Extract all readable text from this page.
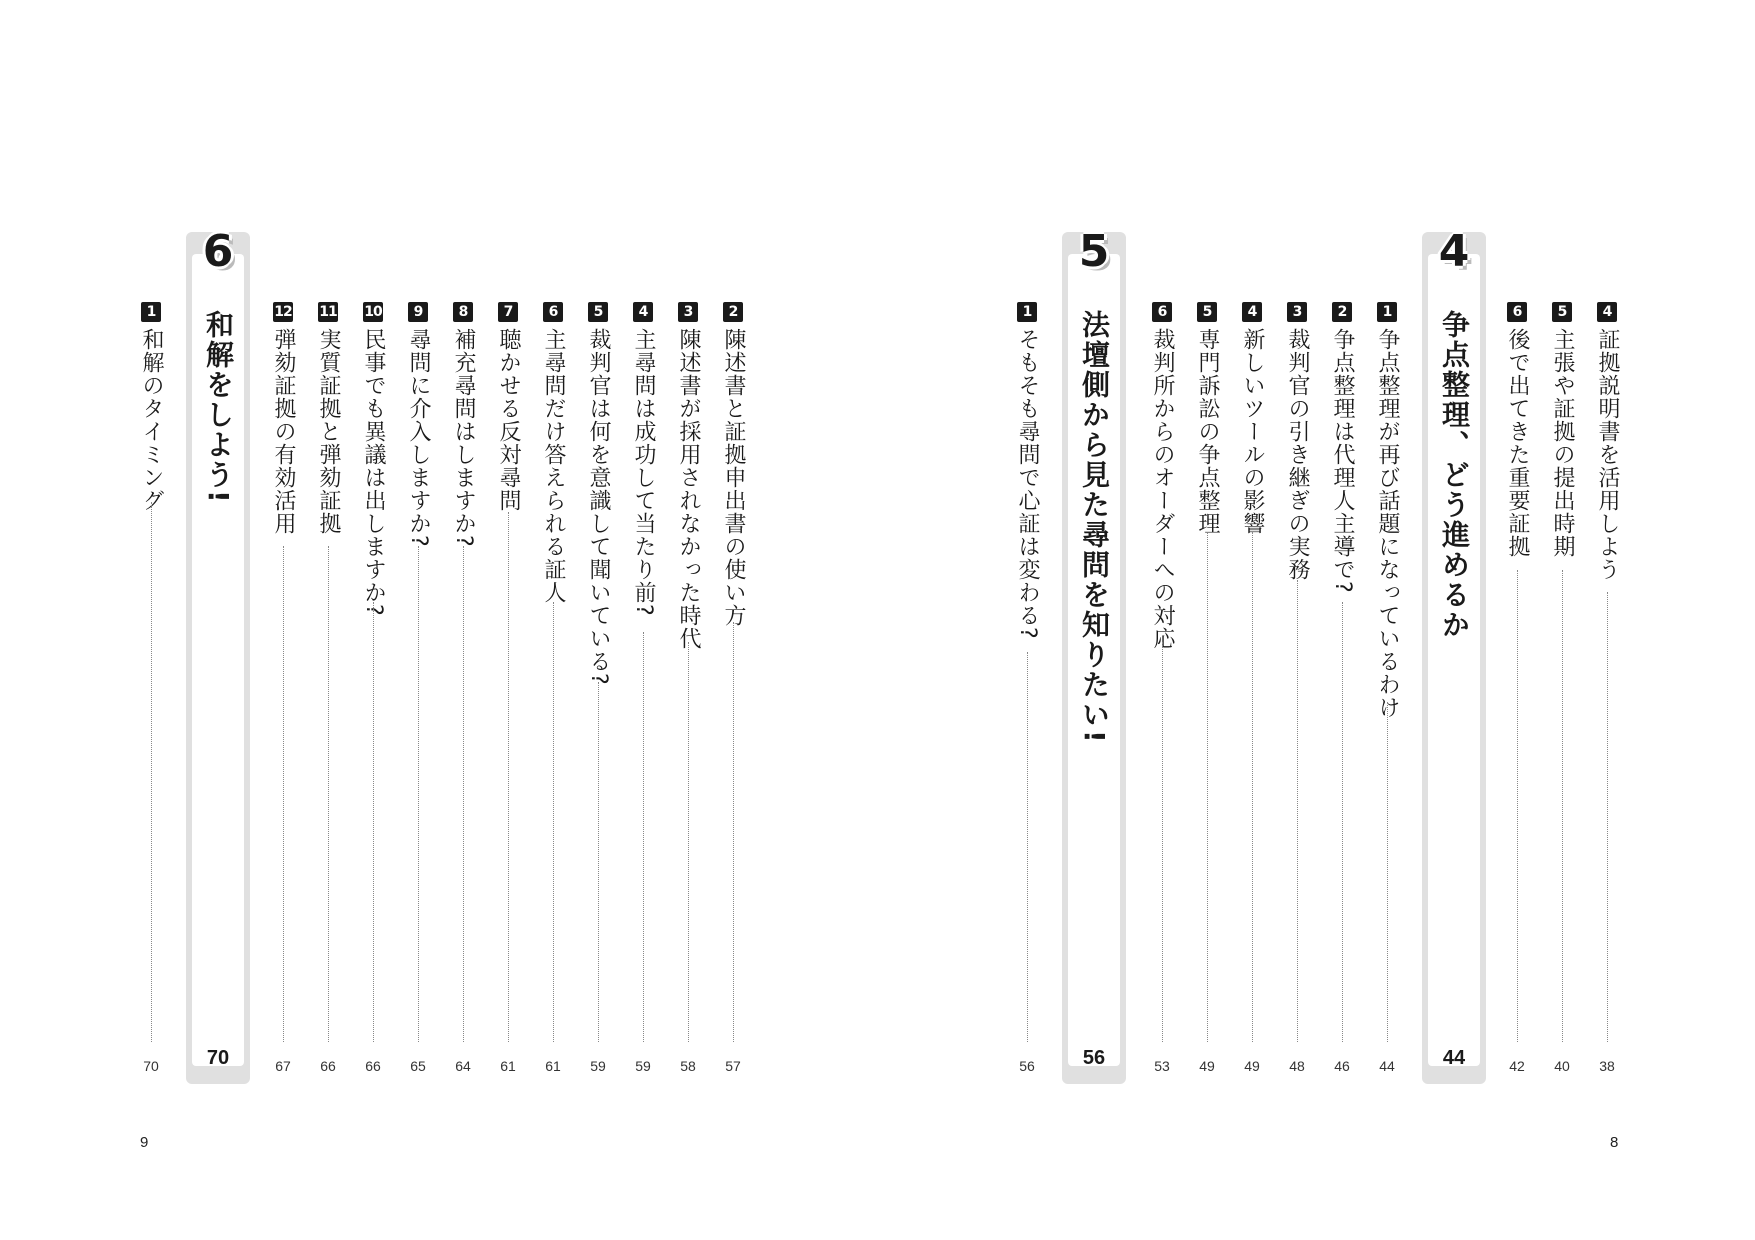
4
証拠説明書を活用しよう
38
5
主張や証拠の提出時期
40
6
後で出てきた重要証拠
42
4
争点整理、どう進めるか
44
1
争点整理が再び話題になっているわけ
44
2
争点整理は代理人主導で?
46
3
裁判官の引き継ぎの実務
48
4
新しいツールの影響
49
5
専門訴訟の争点整理
49
6
裁判所からのオーダーへの対応
53
5
法壇側から見た尋問を知りたい!
56
1
そもそも尋問で心証は変わる?
56
8
2
陳述書と証拠申出書の使い方
57
3
陳述書が採用されなかった時代
58
4
主尋問は成功して当たり前?
59
5
裁判官は何を意識して聞いている?
59
6
主尋問だけ答えられる証人
61
7
聴かせる反対尋問
61
8
補充尋問はしますか?
64
9
尋問に介入しますか?
65
10
民事でも異議は出しますか?
66
11
実質証拠と弾劾証拠
66
12
弾劾証拠の有効活用
67
6
和解をしよう!
70
1
和解のタイミング
70
9
